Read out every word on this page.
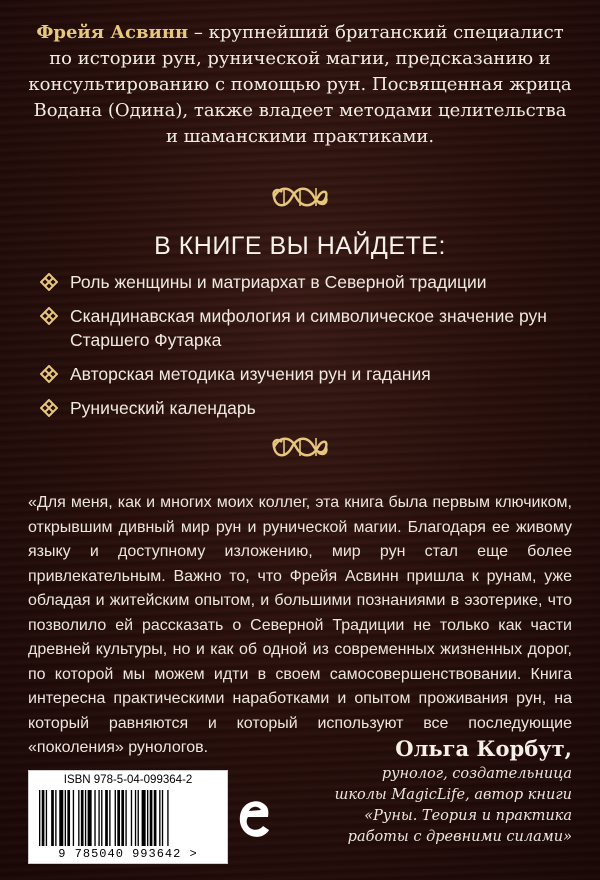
Фрейя Асвинн – крупнейший британский специалист по истории рун, рунической магии, предсказанию и консультированию с помощью рун. Посвященная жрица Водана (Одина), также владеет методами целительства и шаманскими практиками.
В КНИГЕ ВЫ НАЙДЕТЕ:
Роль женщины и матриархат в Северной традиции
Скандинавская мифология и символическое значение рун Старшего Футарка
Авторская методика изучения рун и гадания
Рунический календарь
«Для меня, как и многих моих коллег, эта книга была первым ключиком, открывшим дивный мир рун и рунической магии. Благодаря ее живому языку и доступному изложению, мир рун стал еще более привлекательным. Важно то, что Фрейя Асвинн пришла к рунам, уже обладая и житейским опытом, и большими познаниями в эзотерике, что позволило ей рассказать о Северной Традиции не только как части древней культуры, но и как об одной из современных жизненных дорог, по которой мы можем идти в своем самосовершенствовании. Книга интересна практическими наработками и опытом проживания рун, на который равняются и который используют все последующие «поколения» рунологов.	Ольга Корбут,
рунолог, создательница
школы MagicLife, автор книги
«Руны. Теория и практика
работы с древними силами»
ISBN 978-5-04-099364-2
9 785040 993642 >
